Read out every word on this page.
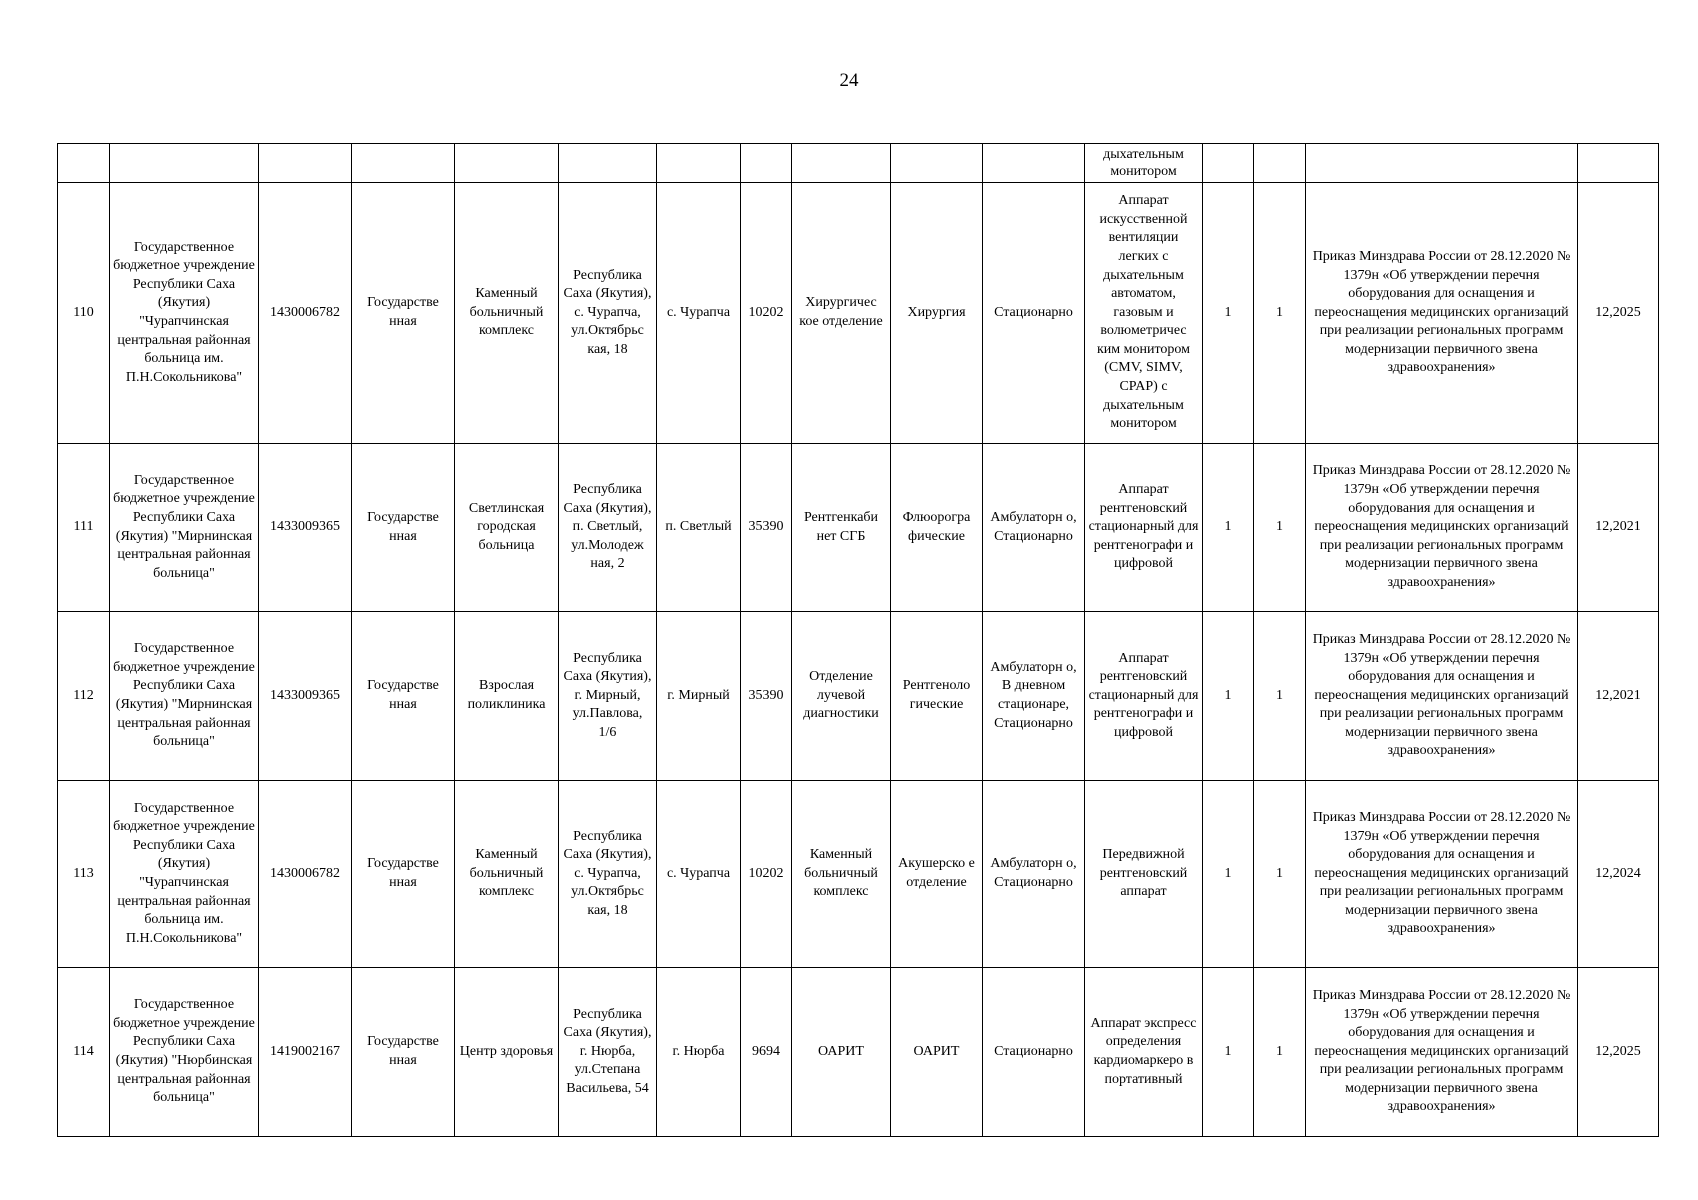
24
											дыхательным
монитором				
110	Государственное бюджетное учреждение Республики Саха (Якутия) "Чурапчинская центральная районная больница им. П.Н.Сокольникова"	1430006782	Государстве нная	Каменный больничный комплекс	Республика Саха (Якутия), с. Чурапча, ул.Октябрьс кая, 18	с. Чурапча	10202	Хирургичес кое отделение	Хирургия	Стационарно	Аппарат искусственной вентиляции легких с дыхательным автоматом, газовым и волюметричес ким монитором (CMV, SIMV, CPAP) с дыхательным монитором	1	1	Приказ Минздрава России от 28.12.2020 № 1379н «Об утверждении перечня оборудования для оснащения и переоснащения медицинских организаций при реализации региональных программ модернизации первичного звена здравоохранения»	12,2025
111	Государственное бюджетное учреждение Республики Саха (Якутия) "Мирнинская центральная районная больница"	1433009365	Государстве нная	Светлинская городская больница	Республика Саха (Якутия), п. Светлый, ул.Молодеж ная, 2	п. Светлый	35390	Рентгенкаби нет СГБ	Флюорогра фические	Амбулаторн о, Стационарно	Аппарат рентгеновский стационарный для рентгенографи и цифровой	1	1	Приказ Минздрава России от 28.12.2020 № 1379н «Об утверждении перечня оборудования для оснащения и переоснащения медицинских организаций при реализации региональных программ модернизации первичного звена здравоохранения»	12,2021
112	Государственное бюджетное учреждение Республики Саха (Якутия) "Мирнинская центральная районная больница"	1433009365	Государстве нная	Взрослая поликлиника	Республика Саха (Якутия), г. Мирный, ул.Павлова, 1/6	г. Мирный	35390	Отделение лучевой диагностики	Рентгеноло гические	Амбулаторн о, В дневном стационаре, Стационарно	Аппарат рентгеновский стационарный для рентгенографи и цифровой	1	1	Приказ Минздрава России от 28.12.2020 № 1379н «Об утверждении перечня оборудования для оснащения и переоснащения медицинских организаций при реализации региональных программ модернизации первичного звена здравоохранения»	12,2021
113	Государственное бюджетное учреждение Республики Саха (Якутия) "Чурапчинская центральная районная больница им. П.Н.Сокольникова"	1430006782	Государстве нная	Каменный больничный комплекс	Республика Саха (Якутия), с. Чурапча, ул.Октябрьс кая, 18	с. Чурапча	10202	Каменный больничный комплекс	Акушерско е отделение	Амбулаторн о, Стационарно	Передвижной рентгеновский аппарат	1	1	Приказ Минздрава России от 28.12.2020 № 1379н «Об утверждении перечня оборудования для оснащения и переоснащения медицинских организаций при реализации региональных программ модернизации первичного звена здравоохранения»	12,2024
114	Государственное бюджетное учреждение Республики Саха (Якутия) "Нюрбинская центральная районная больница"	1419002167	Государстве нная	Центр здоровья	Республика Саха (Якутия), г. Нюрба, ул.Степана Васильева, 54	г. Нюрба	9694	ОАРИТ	ОАРИТ	Стационарно	Аппарат экспресс определения кардиомаркеро в портативный	1	1	Приказ Минздрава России от 28.12.2020 № 1379н «Об утверждении перечня оборудования для оснащения и переоснащения медицинских организаций при реализации региональных программ модернизации первичного звена здравоохранения»	12,2025
